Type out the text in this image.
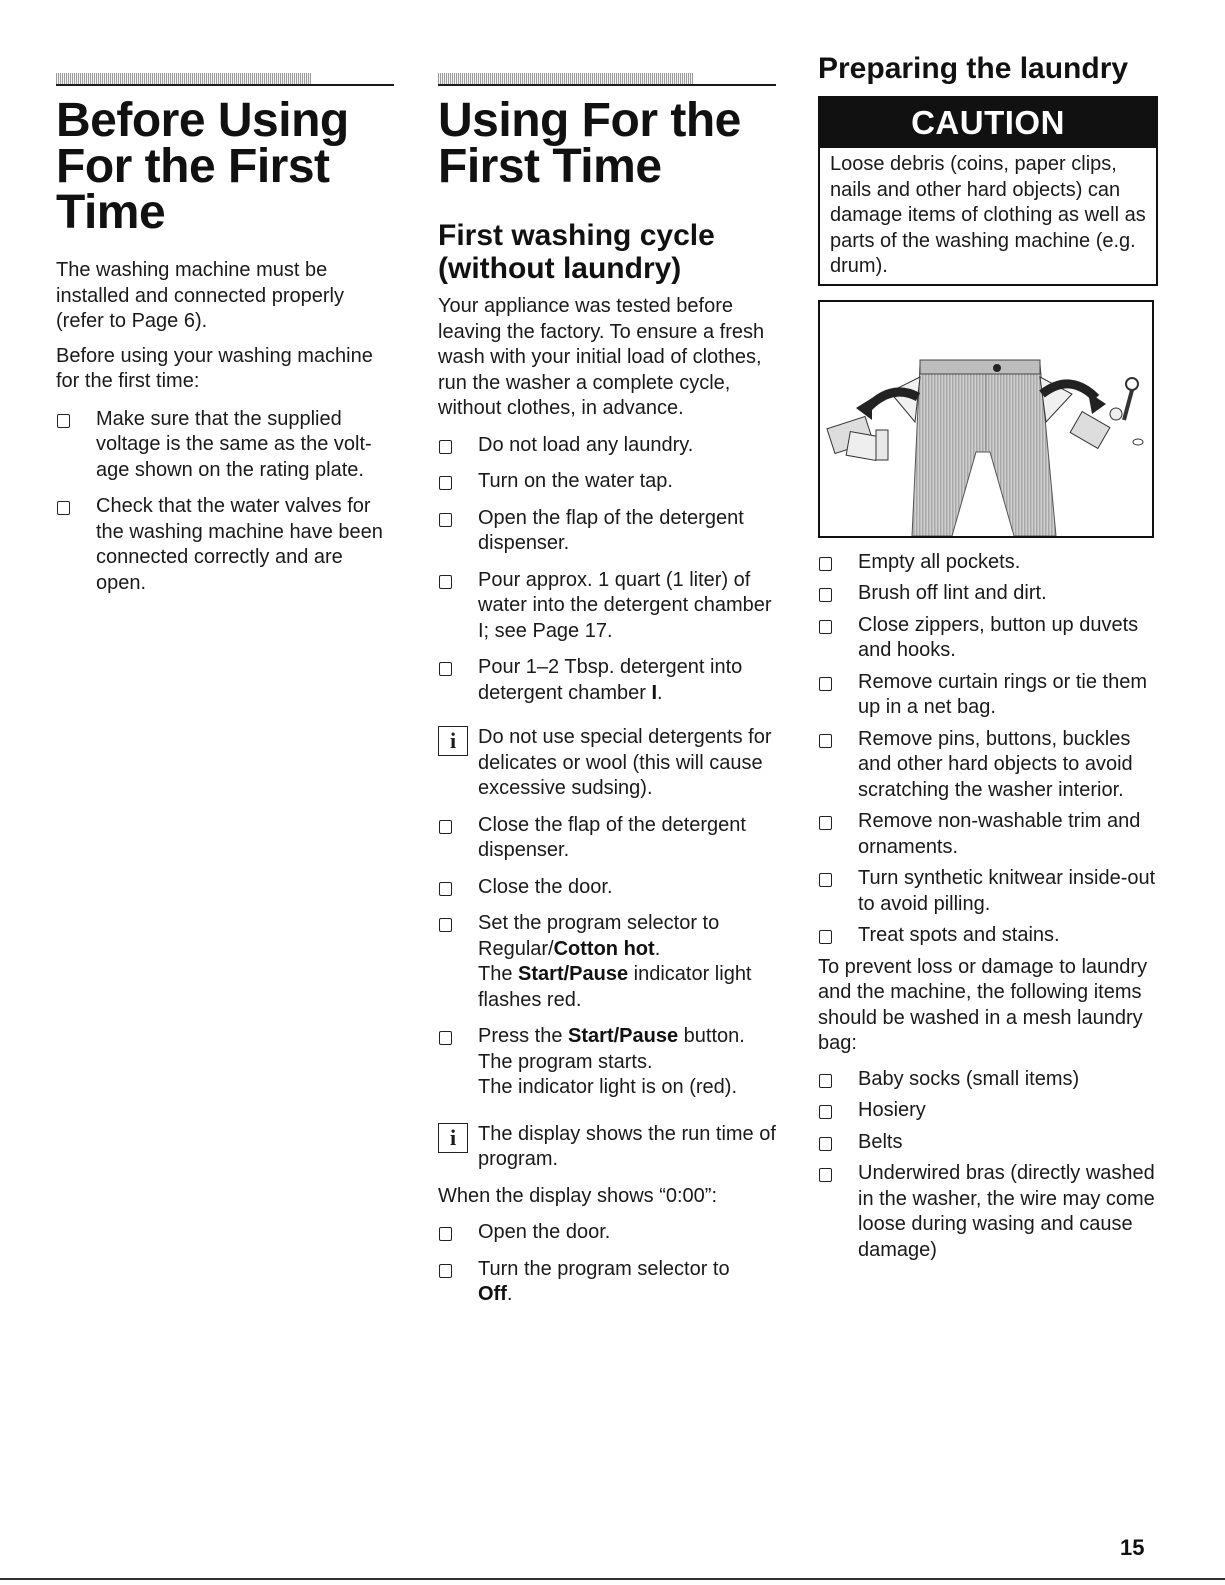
Before Using For the First Time

The washing machine must be installed and connected properly (refer to Page 6).

Before using your washing machine for the first time:

Make sure that the supplied voltage is the same as the volt-age shown on the rating plate.
Check that the water valves for the washing machine have been connected correctly and are open.
Using For the First Time
First washing cycle (without laundry)

Your appliance was tested before leaving the factory. To ensure a fresh wash with your initial load of clothes, run the washer a complete cycle, without clothes, in advance.

Do not load any laundry.
Turn on the water tap.
Open the flap of the detergent dispenser.
Pour approx. 1 quart (1 liter) of water into the detergent chamber I; see Page 17.
Pour 1–2 Tbsp. detergent into detergent chamber I.
i	Do not use special detergents for delicates or wool (this will cause excessive sudsing).
Close the flap of the detergent dispenser.
Close the door.
Set the program selector to Regular/Cotton hot.
The Start/Pause indicator light flashes red.
Press the Start/Pause button.
The program starts.
The indicator light is on (red).
i	The display shows the run time of program.

When the display shows “0:00”:

Open the door.
Turn the program selector to
Off.
Preparing the laundry
CAUTION
Loose debris (coins, paper clips, nails and other hard objects) can damage items of clothing as well as parts of the washing machine (e.g. drum).
Empty all pockets.
Brush off lint and dirt.
Close zippers, button up duvets and hooks.
Remove curtain rings or tie them up in a net bag.
Remove pins, buttons, buckles and other hard objects to avoid scratching the washer interior.
Remove non-washable trim and ornaments.
Turn synthetic knitwear inside-out to avoid pilling.
Treat spots and stains.

To prevent loss or damage to laundry and the machine, the following items should be washed in a mesh laundry bag:

Baby socks (small items)
Hosiery
Belts
Underwired bras (directly washed in the washer, the wire may come loose during wasing and cause damage)
15
